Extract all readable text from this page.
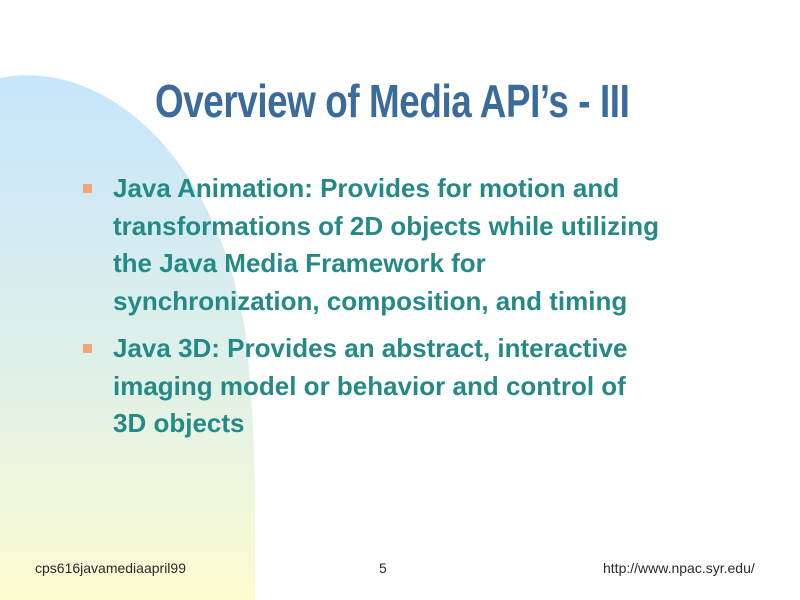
Overview of Media API’s - III
Java Animation: Provides for motion and
transformations of 2D objects while utilizing
the Java Media Framework for
synchronization, composition, and timing
Java 3D: Provides an abstract, interactive
imaging model or behavior and control of
3D objects
cps616javamediaapril99	5	http://www.npac.syr.edu/
